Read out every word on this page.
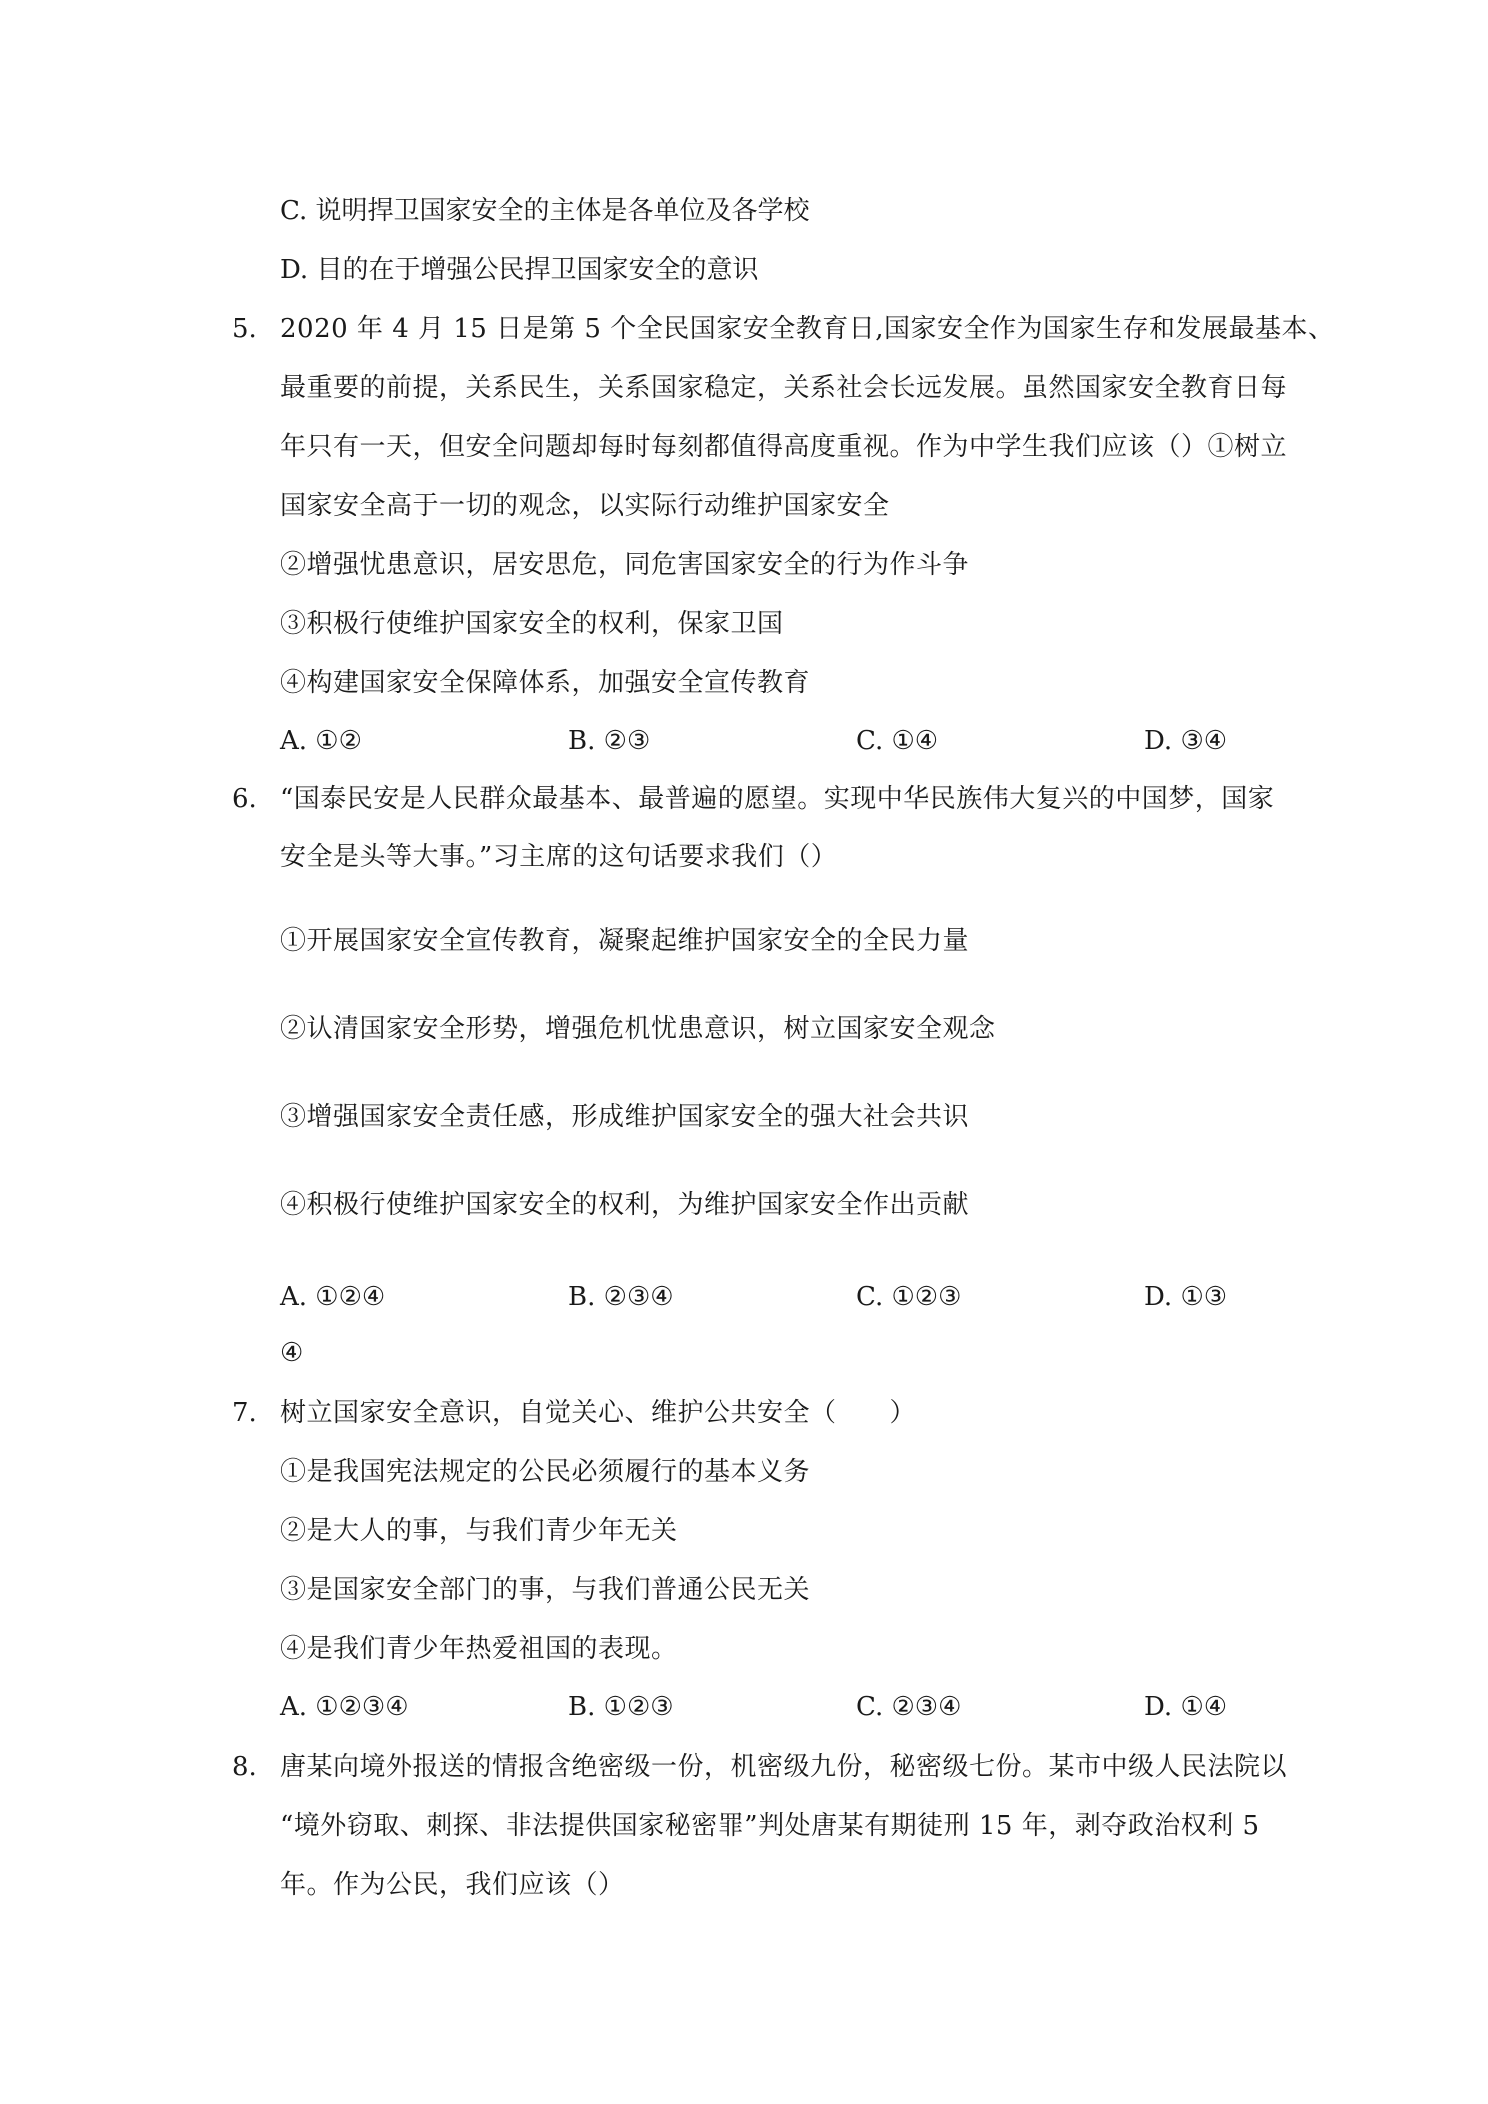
C. 说明捍卫国家安全的主体是各单位及各学校
D. 目的在于增强公民捍卫国家安全的意识
5. 2020 年 4 月 15 日是第 5 个全民国家安全教育日,国家安全作为国家生存和发展最基本、
最重要的前提，关系民生，关系国家稳定，关系社会长远发展。虽然国家安全教育日每
年只有一天，但安全问题却每时每刻都值得高度重视。作为中学生我们应该（）①树立
国家安全高于一切的观念，以实际行动维护国家安全
②增强忧患意识，居安思危，同危害国家安全的行为作斗争
③积极行使维护国家安全的权利，保家卫国
④构建国家安全保障体系，加强安全宣传教育
A. ①②	B. ②③	C. ①④	D. ③④
6. “国泰民安是人民群众最基本、最普遍的愿望。实现中华民族伟大复兴的中国梦，国家
安全是头等大事。”习主席的这句话要求我们（）
①开展国家安全宣传教育，凝聚起维护国家安全的全民力量
②认清国家安全形势，增强危机忧患意识，树立国家安全观念
③增强国家安全责任感，形成维护国家安全的强大社会共识
④积极行使维护国家安全的权利，为维护国家安全作出贡献
A. ①②④	B. ②③④	C. ①②③	D. ①③
④
7. 树立国家安全意识，自觉关心、维护公共安全（　　）
①是我国宪法规定的公民必须履行的基本义务
②是大人的事，与我们青少年无关
③是国家安全部门的事，与我们普通公民无关
④是我们青少年热爱祖国的表现。
A. ①②③④	B. ①②③	C. ②③④	D. ①④
8. 唐某向境外报送的情报含绝密级一份，机密级九份，秘密级七份。某市中级人民法院以
“境外窃取、刺探、非法提供国家秘密罪”判处唐某有期徒刑 15 年，剥夺政治权利 5
年。作为公民，我们应该（）
